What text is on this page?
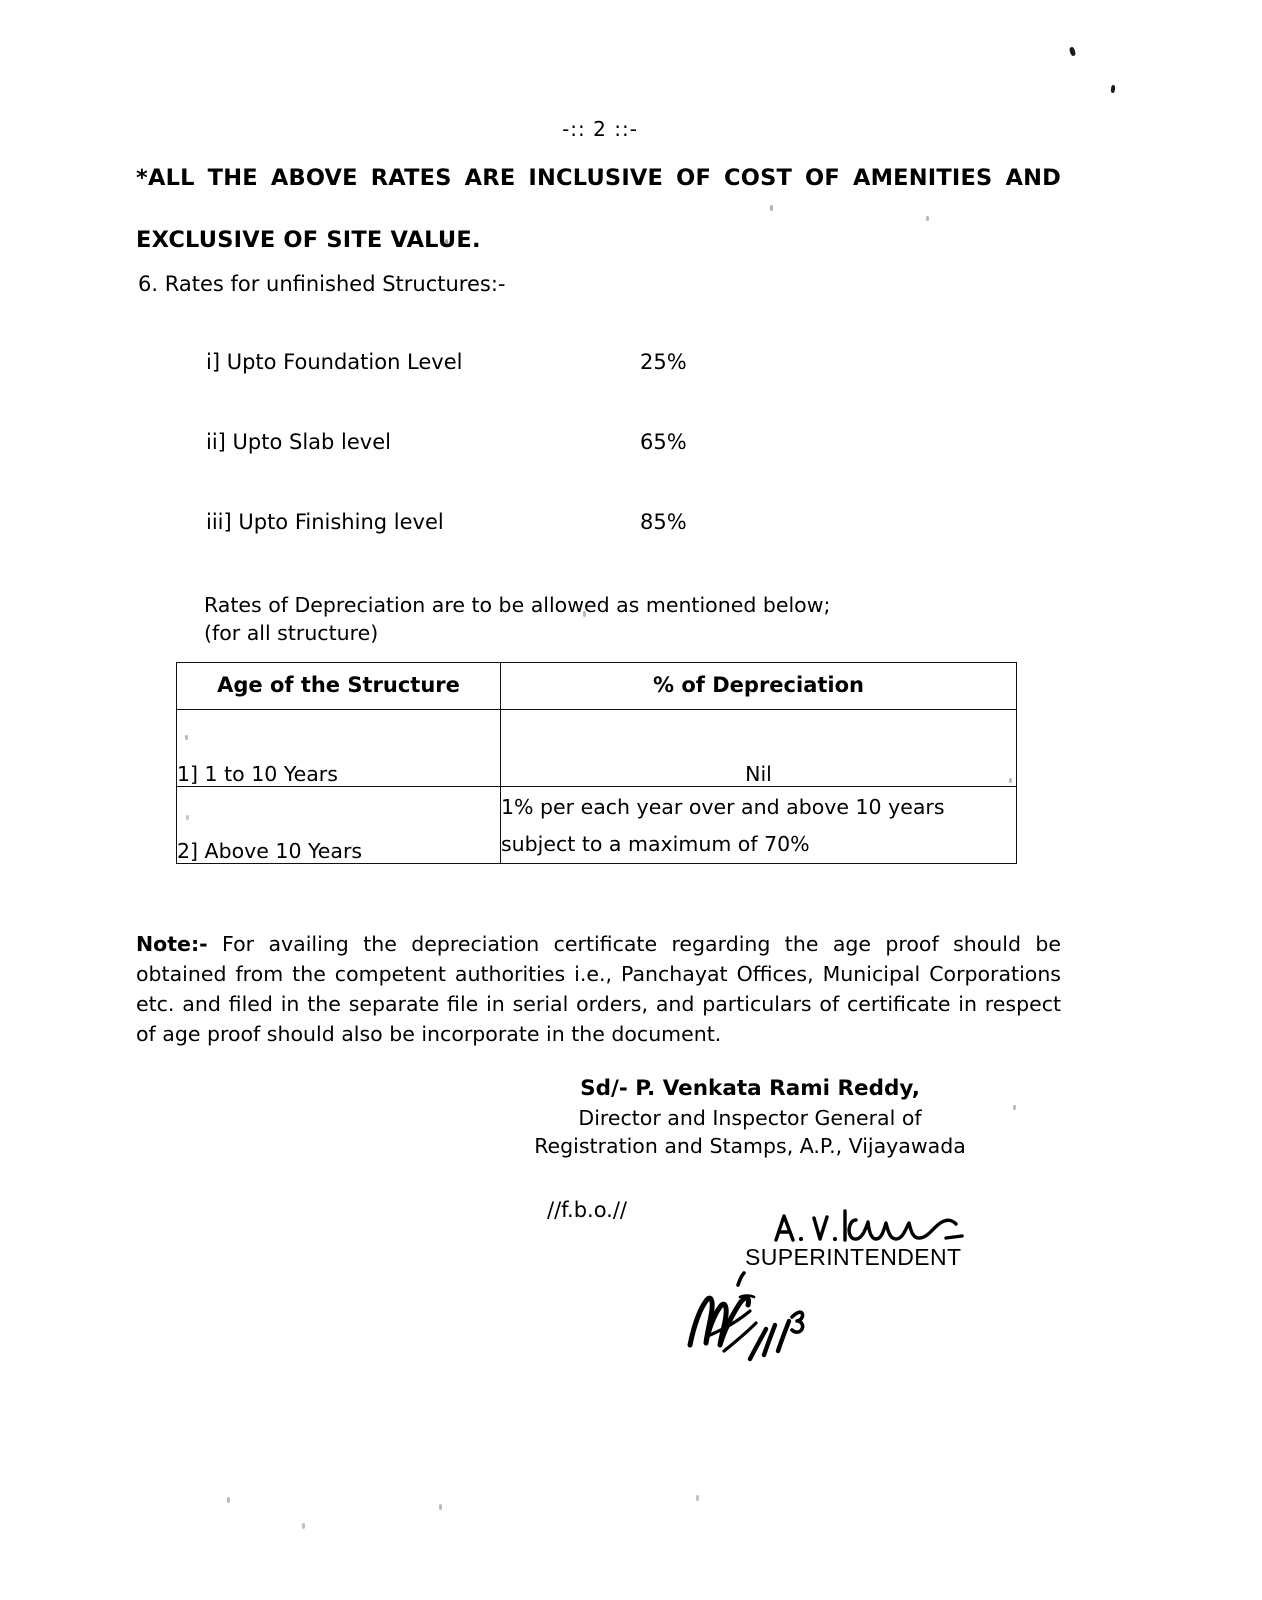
-:: 2 ::-
*ALL THE ABOVE RATES ARE INCLUSIVE OF COST OF AMENITIES AND
EXCLUSIVE OF SITE VALUE.
6. Rates for unfinished Structures:-
i] Upto Foundation Level	25%
ii] Upto Slab level	65%
iii] Upto Finishing level	85%
Rates of Depreciation are to be allowed as mentioned below;
(for all structure)
Age of the Structure	% of Depreciation
1] 1 to 10 Years	Nil
2] Above 10 Years	1% per each year over and above 10 years
subject to a maximum of 70%

Note:- For availing the depreciation certificate regarding the age proof should be obtained from the competent authorities i.e., Panchayat Offices, Municipal Corporations etc. and filed in the separate file in serial orders, and particulars of certificate in respect of age proof should also be incorporate in the document.

Sd/- P. Venkata Rami Reddy,
Director and Inspector General of
Registration and Stamps, A.P., Vijayawada
//f.b.o.//
SUPERINTENDENT
